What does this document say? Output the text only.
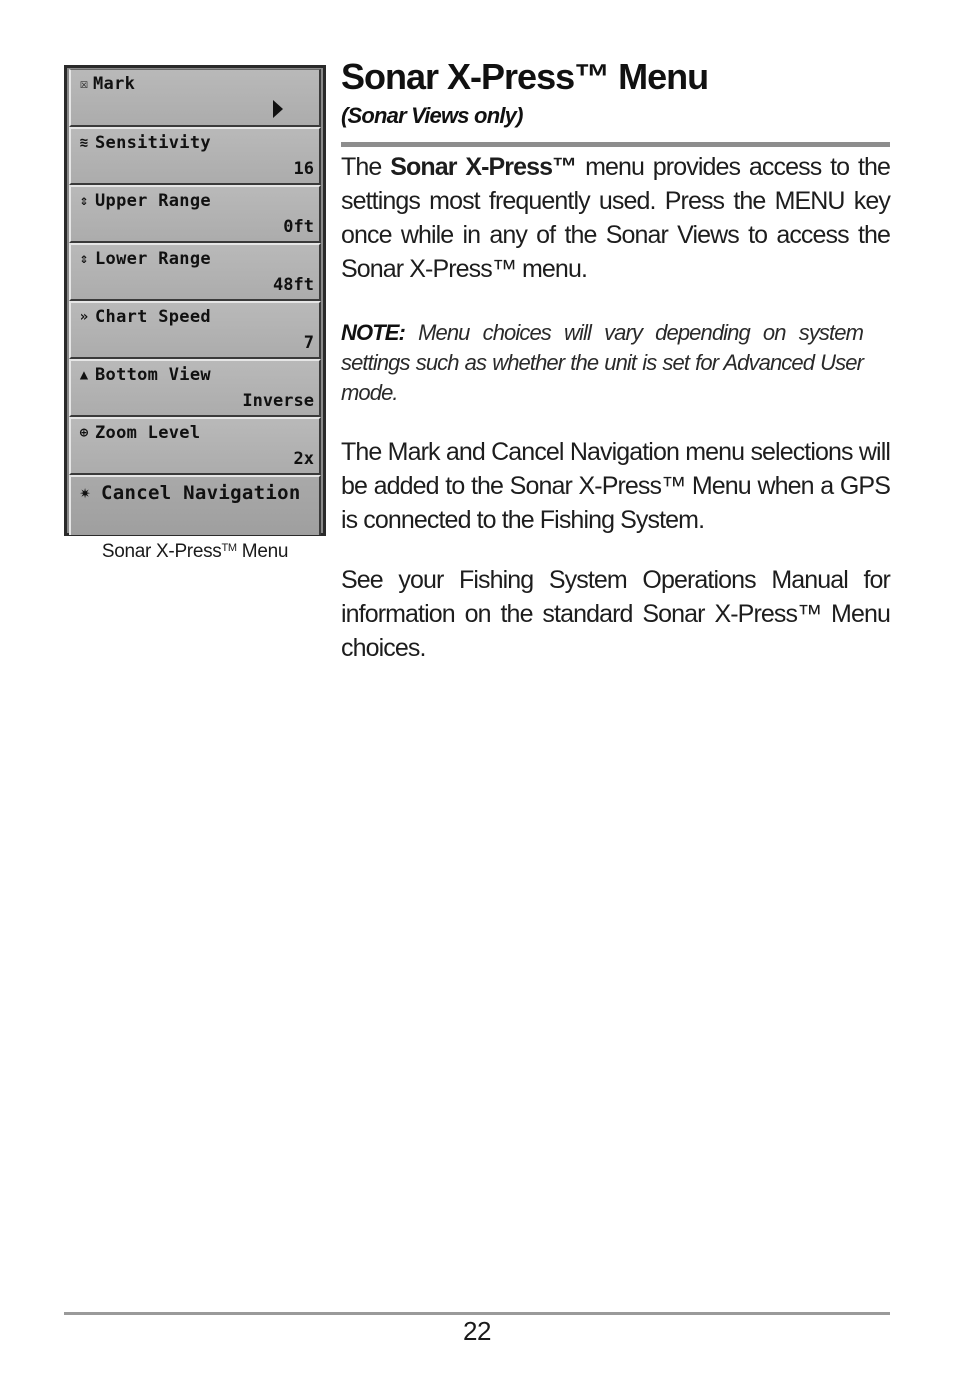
☒ Mark
≋ Sensitivity
16
⇕ Upper Range
0ft
⇕ Lower Range
48ft
» Chart Speed
7
▲ Bottom View
Inverse
⊕ Zoom Level
2x
✷ Cancel Navigation
Sonar X-Press™ Menu
Sonar X-Press™ Menu
(Sonar Views only)

The Sonar X-Press™ menu provides access to the settings most frequently used. Press the MENU key once while in any of the Sonar Views to access the Sonar X-Press™ menu.

NOTE: Menu choices will vary depending on system settings such as whether the unit is set for Advanced User mode.

The Mark and Cancel Navigation menu selections will be added to the Sonar X-Press™ Menu when a GPS is connected to the Fishing System.

See your Fishing System Operations Manual for information on the standard Sonar X-Press™ Menu choices.

22
